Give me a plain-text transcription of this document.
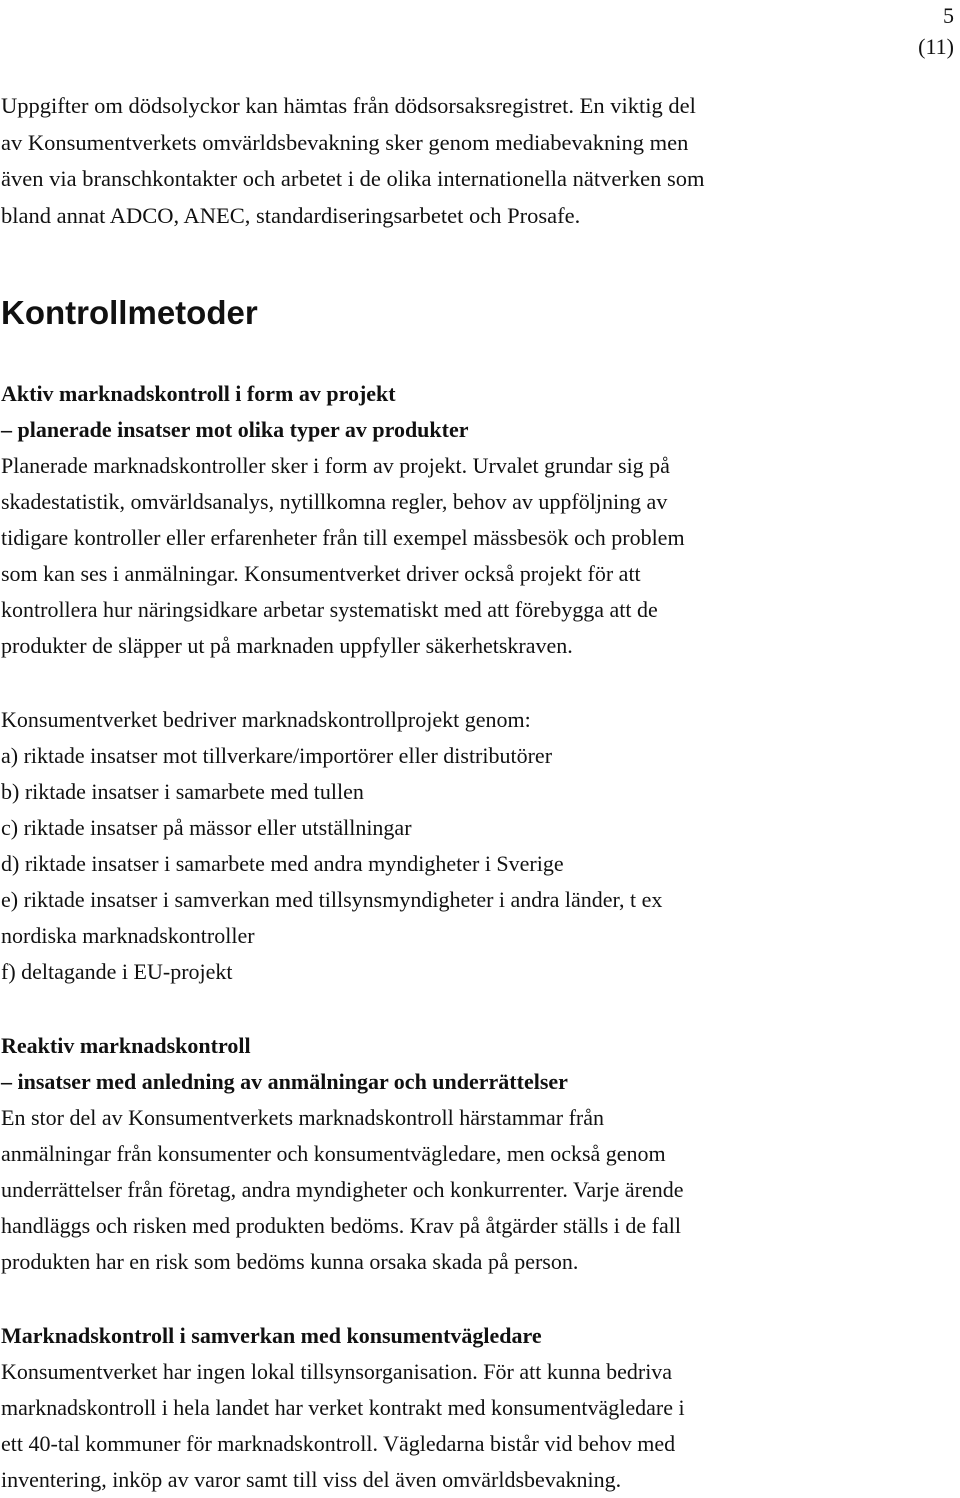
5
(11)

Uppgifter om dödsolyckor kan hämtas från dödsorsaksregistret. En viktig del
av Konsumentverkets omvärldsbevakning sker genom mediabevakning men
även via branschkontakter och arbetet i de olika internationella nätverken som
bland annat ADCO, ANEC, standardiseringsarbetet och Prosafe.

Kontrollmetoder
Aktiv marknadskontroll i form av projekt
– planerade insatser mot olika typer av produkter
Planerade marknadskontroller sker i form av projekt. Urvalet grundar sig på
skadestatistik, omvärldsanalys, nytillkomna regler, behov av uppföljning av
tidigare kontroller eller erfarenheter från till exempel mässbesök och problem
som kan ses i anmälningar. Konsumentverket driver också projekt för att
kontrollera hur näringsidkare arbetar systematiskt med att förebygga att de
produkter de släpper ut på marknaden uppfyller säkerhetskraven.
Konsumentverket bedriver marknadskontrollprojekt genom:
a) riktade insatser mot tillverkare/importörer eller distributörer
b) riktade insatser i samarbete med tullen
c) riktade insatser på mässor eller utställningar
d) riktade insatser i samarbete med andra myndigheter i Sverige
e) riktade insatser i samverkan med tillsynsmyndigheter i andra länder, t ex
nordiska marknadskontroller
f) deltagande i EU-projekt
Reaktiv marknadskontroll
– insatser med anledning av anmälningar och underrättelser
En stor del av Konsumentverkets marknadskontroll härstammar från
anmälningar från konsumenter och konsumentvägledare, men också genom
underrättelser från företag, andra myndigheter och konkurrenter. Varje ärende
handläggs och risken med produkten bedöms. Krav på åtgärder ställs i de fall
produkten har en risk som bedöms kunna orsaka skada på person.
Marknadskontroll i samverkan med konsumentvägledare
Konsumentverket har ingen lokal tillsynsorganisation. För att kunna bedriva
marknadskontroll i hela landet har verket kontrakt med konsumentvägledare i
ett 40-tal kommuner för marknadskontroll. Vägledarna bistår vid behov med
inventering, inköp av varor samt till viss del även omvärldsbevakning.
